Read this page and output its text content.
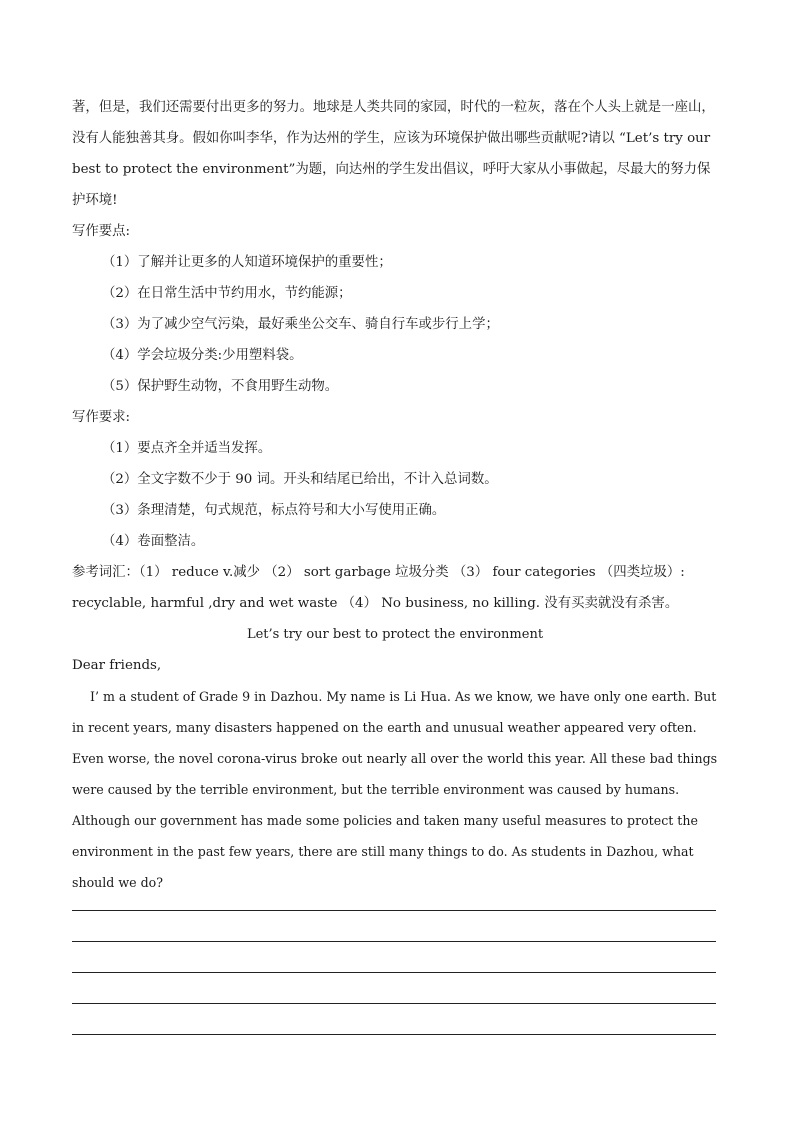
著，但是，我们还需要付出更多的努力。地球是人类共同的家园，时代的一粒灰，落在个人头上就是一座山，没有人能独善其身。假如你叫李华，作为达州的学生，应该为环境保护做出哪些贡献呢?请以 “Let’s try our best to protect the environment”为题，向达州的学生发出倡议，呼吁大家从小事做起，尽最大的努力保护环境!

写作要点:

（1）了解并让更多的人知道环境保护的重要性；

（2）在日常生活中节约用水，节约能源；

（3）为了减少空气污染，最好乘坐公交车、骑自行车或步行上学；

（4）学会垃圾分类:少用塑料袋。

（5）保护野生动物，不食用野生动物。

写作要求:

（1）要点齐全并适当发挥。

（2）全文字数不少于 90 词。开头和结尾已给出，不计入总词数。

（3）条理清楚，句式规范，标点符号和大小写使用正确。

（4）卷面整洁。

参考词汇：（1） reduce v.减少 （2） sort garbage 垃圾分类 （3） four categories （四类垃圾）: recyclable, harmful ,dry and wet waste （4） No business, no killing. 没有买卖就没有杀害。

Let’s try our best to protect the environment

Dear friends,

I’ m a student of Grade 9 in Dazhou. My name is Li Hua. As we know, we have only one earth. But in recent years, many disasters happened on the earth and unusual weather appeared very often. Even worse, the novel corona-virus broke out nearly all over the world this year. All these bad things were caused by the terrible environment, but the terrible environment was caused by humans. Although our government has made some policies and taken many useful measures to protect the environment in the past few years, there are still many things to do. As students in Dazhou, what should we do?
